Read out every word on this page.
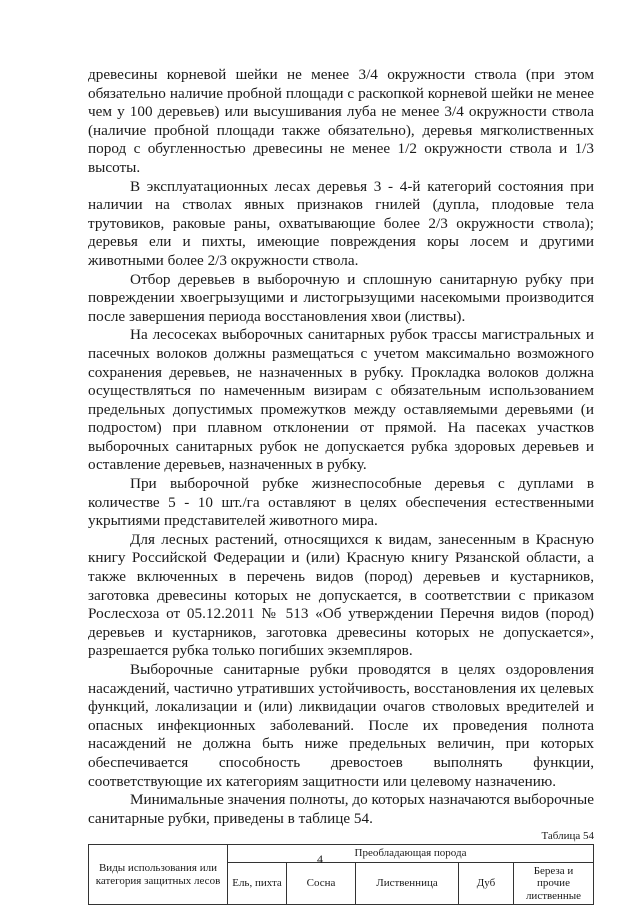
древесины корневой шейки не менее 3/4 окружности ствола (при этом обязательно наличие пробной площади с раскопкой корневой шейки не менее чем у 100 деревьев) или высушивания луба не менее 3/4 окружности ствола (наличие пробной площади также обязательно), деревья мягколиственных пород с обугленностью древесины не менее 1/2 окружности ствола и 1/3 высоты.

В эксплуатационных лесах деревья 3 - 4-й категорий состояния при наличии на стволах явных признаков гнилей (дупла, плодовые тела трутовиков, раковые раны, охватывающие более 2/3 окружности ствола); деревья ели и пихты, имеющие повреждения коры лосем и другими животными более 2/3 окружности ствола.

Отбор деревьев в выборочную и сплошную санитарную рубку при повреждении хвоегрызущими и листогрызущими насекомыми производится после завершения периода восстановления хвои (листвы).

На лесосеках выборочных санитарных рубок трассы магистральных и пасечных волоков должны размещаться с учетом максимально возможного сохранения деревьев, не назначенных в рубку. Прокладка волоков должна осуществляться по намеченным визирам с обязательным использованием предельных допустимых промежутков между оставляемыми деревьями (и подростом) при плавном отклонении от прямой. На пасеках участков выборочных санитарных рубок не допускается рубка здоровых деревьев и оставление деревьев, назначенных в рубку.

При выборочной рубке жизнеспособные деревья с дуплами в количестве 5 - 10 шт./га оставляют в целях обеспечения естественными укрытиями представителей животного мира.

Для лесных растений, относящихся к видам, занесенным в Красную книгу Российской Федерации и (или) Красную книгу Рязанской области, а также включенных в перечень видов (пород) деревьев и кустарников, заготовка древесины которых не допускается, в соответствии с приказом Рослесхоза от 05.12.2011 № 513 «Об утверждении Перечня видов (пород) деревьев и кустарников, заготовка древесины которых не допускается», разрешается рубка только погибших экземпляров.

Выборочные санитарные рубки проводятся в целях оздоровления насаждений, частично утративших устойчивость, восстановления их целевых функций, локализации и (или) ликвидации очагов стволовых вредителей и опасных инфекционных заболеваний. После их проведения полнота насаждений не должна быть ниже предельных величин, при которых обеспечивается способность древостоев выполнять функции, соответствующие их категориям защитности или целевому назначению.

Минимальные значения полноты, до которых назначаются выборочные санитарные рубки, приведены в таблице 54.

Таблица 54
Виды использования или категория защитных лесов	Преобладающая порода				
	Ель, пихта	Сосна	Лиственница	Дуб	Береза и прочие лиственные
4
